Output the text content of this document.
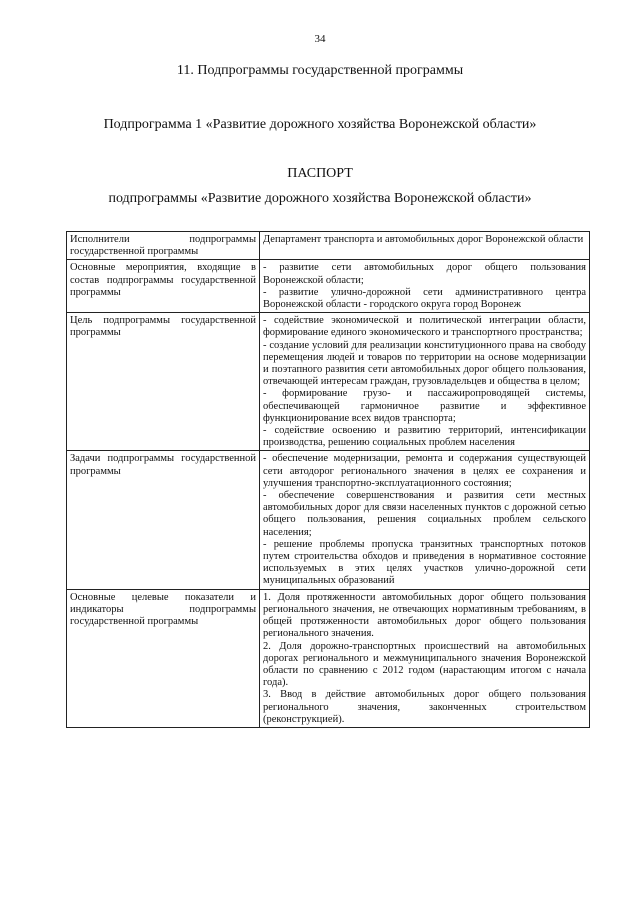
34
11. Подпрограммы государственной программы
Подпрограмма 1 «Развитие дорожного хозяйства Воронежской области»
ПАСПОРТ
подпрограммы «Развитие дорожного хозяйства Воронежской области»
Исполнители подпрограммы государственной программы	Департамент транспорта и автомобильных дорог Воронежской области

Основные мероприятия, входящие в состав подпрограммы государственной программы	- развитие сети автомобильных дорог общего пользования Воронежской области;

- развитие улично-дорожной сети административного центра Воронежской области - городского округа город Воронеж

Цель подпрограммы государственной программы	- содействие экономической и политической интеграции области, формирование единого экономического и транспортного пространства;

- создание условий для реализации конституционного права на свободу перемещения людей и товаров по территории на основе модернизации и поэтапного развития сети автомобильных дорог общего пользования, отвечающей интересам граждан, грузовладельцев и общества в целом;

- формирование грузо- и пассажиропроводящей системы, обеспечивающей гармоничное развитие и эффективное функционирование всех видов транспорта;

- содействие освоению и развитию территорий, интенсификации производства, решению социальных проблем населения

Задачи подпрограммы государственной программы	- обеспечение модернизации, ремонта и содержания существующей сети автодорог регионального значения в целях ее сохранения и улучшения транспортно-эксплуатационного состояния;

- обеспечение совершенствования и развития сети местных автомобильных дорог для связи населенных пунктов с дорожной сетью общего пользования, решения социальных проблем сельского населения;

- решение проблемы пропуска транзитных транспортных потоков путем строительства обходов и приведения в нормативное состояние используемых в этих целях участков улично-дорожной сети муниципальных образований

Основные целевые показатели и индикаторы подпрограммы государственной программы	1. Доля протяженности автомобильных дорог общего пользования регионального значения, не отвечающих нормативным требованиям, в общей протяженности автомобильных дорог общего пользования регионального значения.

2. Доля дорожно-транспортных происшествий на автомобильных дорогах регионального и межмуниципального значения Воронежской области по сравнению с 2012 годом (нарастающим итогом с начала года).

3. Ввод в действие автомобильных дорог общего пользования регионального значения, законченных строительством (реконструкцией).
